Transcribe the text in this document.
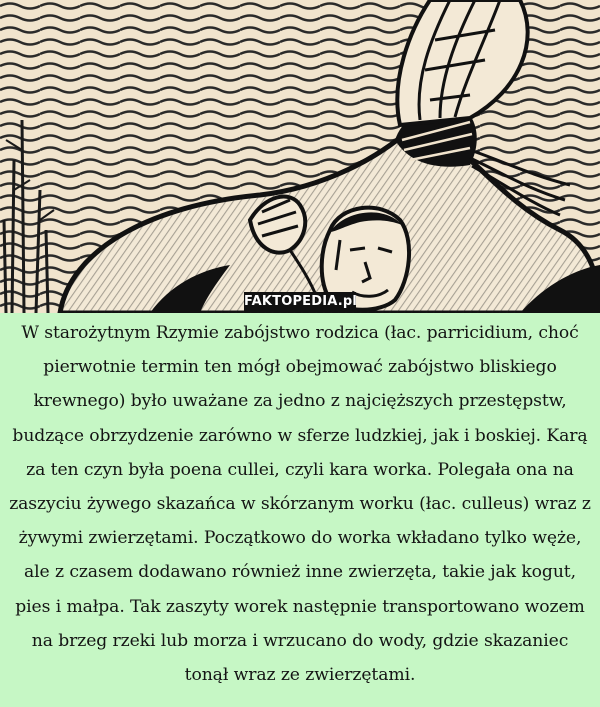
FAKTOPEDIA.pl

W starożytnym Rzymie zabójstwo rodzica (łac. parricidium, choć pierwotnie termin ten mógł obejmować zabójstwo bliskiego krewnego) było uważane za jedno z najcięższych przestępstw, budzące obrzydzenie zarówno w sferze ludzkiej, jak i boskiej. Karą za ten czyn była poena cullei, czyli kara worka. Polegała ona na zaszyciu żywego skazańca w skórzanym worku (łac. culleus) wraz z żywymi zwierzętami. Początkowo do worka wkładano tylko węże, ale z czasem dodawano również inne zwierzęta, takie jak kogut, pies i małpa. Tak zaszyty worek następnie transportowano wozem na brzeg rzeki lub morza i wrzucano do wody, gdzie skazaniec tonął wraz ze zwierzętami.
